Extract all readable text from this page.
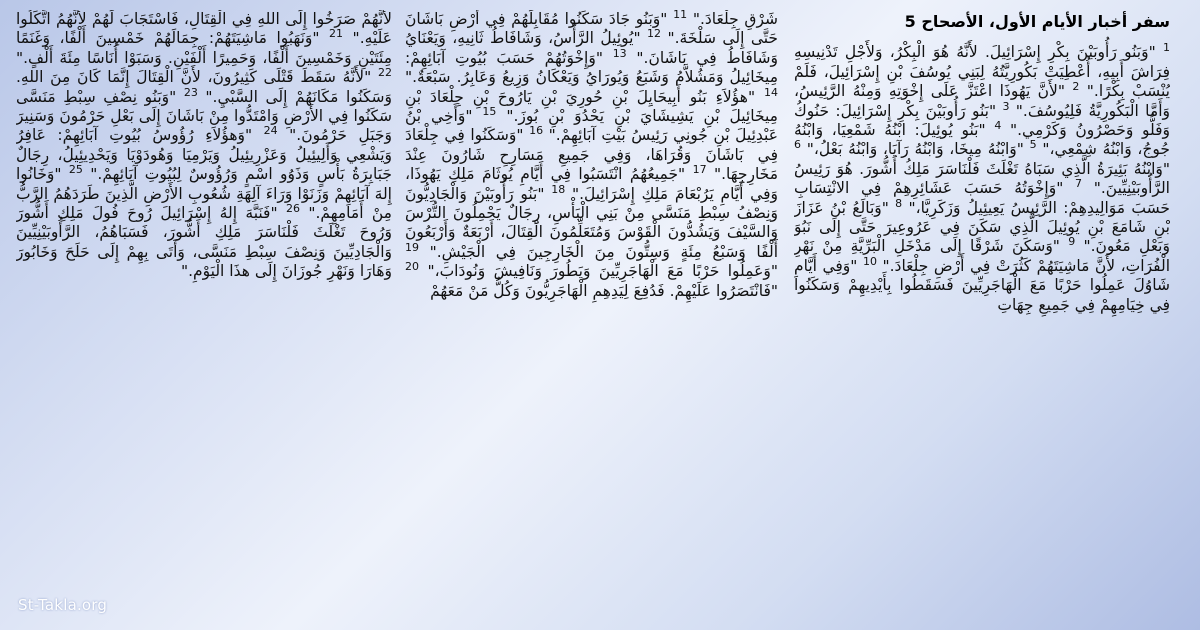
سفر أخبار الأيام الأول، الأصحاح 5

$^1$ "وَبَنُو رَأُوبَيْنَ بِكْرِ إِسْرَائِيلَ. لأَنَّهُ هُوَ الْبِكْرُ، وَلأَجْلِ تَدْنِيسِهِ فِرَاشَ أَبِيهِ، أُعْطِيَتْ بَكُورِيَّتُهُ لِبَنِي يُوسُفَ بْنِ إِسْرَائِيلَ، فَلَمْ يُنْسَبْ بِكْرًا." $^2$ "لأَنَّ يَهُوذَا اعْتَزَّ عَلَى إِخْوَتِهِ وَمِنْهُ الرَّئِيسُ، وَأَمَّا الْبَكُورِيَّةُ فَلِيُوسُفَ." $^3$ "بَنُو رَأُوبَيْنَ بِكْرِ إِسْرَائِيلَ: حَنُوكُ وَفَلُّو وَحَصْرُونُ وَكَرْمِي." $^4$ "بَنُو يُوئِيلَ: ابْنُهُ شَمْعِيَا، وَابْنُهُ جُوجُ، وَابْنُهُ شِمْعِي،" $^5$ "وَابْنُهُ مِيخَا، وَابْنُهُ رَآيَا، وَابْنُهُ بَعْلُ،" $^6$ "وَابْنُهُ بَئِيرَةُ الَّذِي سَبَاهُ تَغْلَثَ فَلْنَاسَرَ مَلِكُ أَشُّورَ. هُوَ رَئِيسُ الرَّأُوبَيْنِيِّينَ." $^7$ "وَإِخْوَتُهُ حَسَبَ عَشَائِرِهِمْ فِي الانْتِسَابِ حَسَبَ مَوَالِيدِهِمْ: الرَّئِيسُ يَعِيئِيلُ وَزَكَرِيَّا،" $^8$ "وَبَالَعُ بْنُ عَزَازَ بْنِ شَامَعَ بْنِ يُوئِيلَ الَّذِي سَكَنَ فِي عَرُوعِيرَ حَتَّى إِلَى نَبُوَ وَبَعْلِ مَعُونَ." $^9$ "وَسَكَنَ شَرْقًا إِلَى مَدْخَلِ الْبَرِّيَّةِ مِنْ نَهْرِ الْفُرَاتِ، لأَنَّ مَاشِيَتَهُمْ كَثُرَتْ فِي أَرْضِ جِلْعَادَ." $^{10}$ "وَفِي أَيَّامِ شَاوُلَ عَمِلُوا حَرْبًا مَعَ الْهَاجَرِيِّينَ فَسَقَطُوا بِأَيْدِيهِمْ وَسَكَنُوا فِي خِيَامِهِمْ فِي جَمِيعِ جِهَاتِ

شَرْقِ جِلْعَادَ." $^{11}$ "وَبَنُو جَادَ سَكَنُوا مُقَابِلَهُمْ فِي أَرْضِ بَاشَانَ حَتَّى إِلَى سَلْخَةَ." $^{12}$ "يُوئِيلُ الرَّأْسُ، وَشَافَاطُ ثَانِيهِ، وَيَعْنَايُ وَشَافَاطُ فِي بَاشَانَ." $^{13}$ "وَإِخْوَتُهُمْ حَسَبَ بُيُوتِ آبَائِهِمْ: مِيخَائِيلُ وَمَشُلاَّمُ وَشَبَعُ وَيُورَايُ وَيَعْكَانُ وَزِيعُ وَعَابِرُ. سَبْعَةٌ." $^{14}$ "هؤُلاَءِ بَنُو أَبِيحَايِلَ بْنِ حُورِيَ بْنِ يَارُوحَ بْنِ جِلْعَادَ بْنِ مِيخَائِيلَ بْنِ يَشِيشَايَ بْنِ يَحْدُوَ بْنِ بُوزَ." $^{15}$ "وَأَخِي بْنُ عَبْدِئِيلَ بْنِ جُونِي رَئِيسُ بَيْتِ آبَائِهِمْ." $^{16}$ "وَسَكَنُوا فِي جِلْعَادَ فِي بَاشَانَ وَقُرَاهَا، وَفِي جَمِيعِ مَسَارِحِ شَارُونَ عِنْدَ مَخَارِجِهَا." $^{17}$ "جَمِيعُهُمُ انْتَسَبُوا فِي أَيَّامِ يُوثَامَ مَلِكِ يَهُوذَا، وَفِي أَيَّامِ يَرُبْعَامَ مَلِكِ إِسْرَائِيلَ." $^{18}$ "بَنُو رَأُوبَيْنَ وَالْجَادِيُّونَ وَنِصْفُ سِبْطِ مَنَسَّى مِنْ بَنِي الْبَأْسِ، رِجَالٌ يَحْمِلُونَ التُّرْسَ وَالسَّيْفَ وَيَشُدُّونَ الْقَوْسَ وَمُتَعَلِّمُونَ الْقِتَالَ، أَرْبَعَةٌ وَأَرْبَعُونَ أَلْفًا وَسَبْعُ مِئَةٍ وَسِتُّونَ مِنَ الْخَارِجِينَ فِي الْجَيْشِ." $^{19}$ "وَعَمِلُوا حَرْبًا مَعَ الْهَاجَرِيِّينَ وَيَطُورَ وَنَافِيشَ وَنُودَابَ،" $^{20}$ "فَانْتَصَرُوا عَلَيْهِمْ. فَدُفِعَ لِيَدِهِمِ الْهَاجَرِيُّونَ وَكُلُّ مَنْ مَعَهُمْ

لأَنَّهُمْ صَرَخُوا إِلَى اللهِ فِي الْقِتَالِ، فَاسْتَجَابَ لَهُمْ لأَنَّهُمُ اتَّكَلُوا عَلَيْهِ." $^{21}$ "وَنَهَبُوا مَاشِيَتَهُمْ: جِمَالَهُمْ خَمْسِينَ أَلْفًا، وَغَنَمًا مِئَتَيْنِ وَخَمْسِينَ أَلْفًا، وَحَمِيرًا أَلْفَيْنِ. وَسَبَوْا أُنَاسًا مِئَةَ أَلْفٍ." $^{22}$ "لأَنَّهُ سَقَطَ قَتْلَى كَثِيرُونَ، لأَنَّ الْقِتَالَ إِنَّمَا كَانَ مِنَ اللهِ. وَسَكَنُوا مَكَانَهُمْ إِلَى السَّبْيِ." $^{23}$ "وَبَنُو نِصْفِ سِبْطِ مَنَسَّى سَكَنُوا فِي الأَرْضِ وَامْتَدُّوا مِنْ بَاشَانَ إِلَى بَعْلِ حَرْمُونَ وَسَنِيرَ وَجَبَلِ حَرْمُونَ." $^{24}$ "وَهؤُلاَءِ رُؤُوسُ بُيُوتِ آبَائِهِمْ: عَافِرُ وَيَشْعِي وَأَلِيئِيلُ وَعَزْرِيئِيلُ وَيَرْمِيَا وَهُودَوْيَا وَيَحْدِيئِيلُ، رِجَالٌ جَبَابِرَةُ بَأْسٍ وَذَوُو اسْمٍ وَرُؤُوسٌ لِبُيُوتِ آبَائِهِمْ." $^{25}$ "وَخَانُوا إِلهَ آبَائِهِمْ وَزَنَوْا وَرَاءَ آلِهَةِ شُعُوبِ الأَرْضِ الَّذِينَ طَرَدَهُمُ الرَّبُّ مِنْ أَمَامِهِمْ." $^{26}$ "فَنَبَّهَ إِلهُ إِسْرَائِيلَ رُوحَ فُولَ مَلِكِ أَشُّورَ وَرُوحَ تَغْلَثَ فَلْنَاسَرَ مَلِكِ أَشُّورَ، فَسَبَاهُمُ، الرَّأُوبَيْنِيِّينَ وَالْجَادِيِّينَ وَنِصْفَ سِبْطِ مَنَسَّى، وَأَتَى بِهِمْ إِلَى حَلَحَ وَخَابُورَ وَهَارَا وَنَهْرِ جُوزَانَ إِلَى هذَا الْيَوْمِ."

St-Takla.org
